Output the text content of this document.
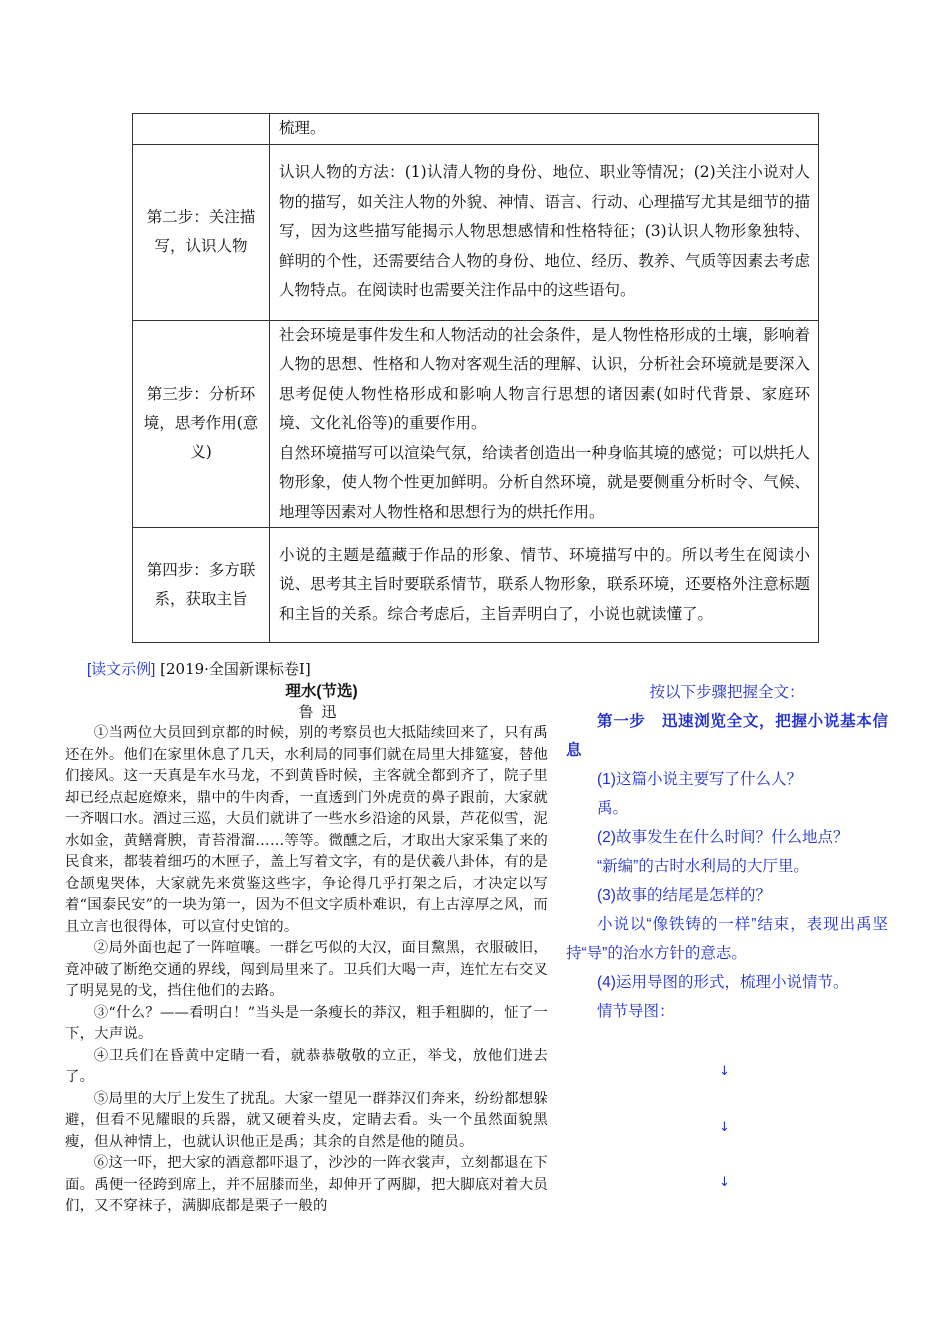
	梳理。

第二步：关注描写，认识人物	认识人物的方法：(1)认清人物的身份、地位、职业等情况；(2)关注小说对人物的描写，如关注人物的外貌、神情、语言、行动、心理描写尤其是细节的描写，因为这些描写能揭示人物思想感情和性格特征；(3)认识人物形象独特、鲜明的个性，还需要结合人物的身份、地位、经历、教养、气质等因素去考虑人物特点。在阅读时也需要关注作品中的这些语句。

第三步：分析环境，思考作用(意义)	社会环境是事件发生和人物活动的社会条件，是人物性格形成的土壤，影响着人物的思想、性格和人物对客观生活的理解、认识，分析社会环境就是要深入思考促使人物性格形成和影响人物言行思想的诸因素(如时代背景、家庭环境、文化礼俗等)的重要作用。

自然环境描写可以渲染气氛，给读者创造出一种身临其境的感觉；可以烘托人物形象，使人物个性更加鲜明。分析自然环境，就是要侧重分析时令、气候、地理等因素对人物性格和思想行为的烘托作用。

第四步：多方联系，获取主旨	小说的主题是蕴藏于作品的形象、情节、环境描写中的。所以考生在阅读小说、思考其主旨时要联系情节，联系人物形象，联系环境，还要格外注意标题和主旨的关系。综合考虑后，主旨弄明白了，小说也就读懂了。

[读文示例] [2019·全国新课标卷Ⅰ]
理水(节选)
鲁迅

①当两位大员回到京都的时候，别的考察员也大抵陆续回来了，只有禹还在外。他们在家里休息了几天，水利局的同事们就在局里大排筵宴，替他们接风。这一天真是车水马龙，不到黄昏时候，主客就全都到齐了，院子里却已经点起庭燎来，鼎中的牛肉香，一直透到门外虎贲的鼻子跟前，大家就一齐咽口水。酒过三巡，大员们就讲了一些水乡沿途的风景，芦花似雪，泥水如金，黄鳝膏腴，青苔滑溜……等等。微醺之后，才取出大家采集了来的民食来，都装着细巧的木匣子，盖上写着文字，有的是伏羲八卦体，有的是仓颉鬼哭体，大家就先来赏鉴这些字，争论得几乎打架之后，才决定以写着“国泰民安”的一块为第一，因为不但文字质朴难识，有上古淳厚之风，而且立言也很得体，可以宣付史馆的。

②局外面也起了一阵喧嚷。一群乞丐似的大汉，面目黧黑，衣服破旧，竟冲破了断绝交通的界线，闯到局里来了。卫兵们大喝一声，连忙左右交叉了明晃晃的戈，挡住他们的去路。

③“什么？——看明白！”当头是一条瘦长的莽汉，粗手粗脚的，怔了一下，大声说。

④卫兵们在昏黄中定睛一看，就恭恭敬敬的立正，举戈，放他们进去了。

⑤局里的大厅上发生了扰乱。大家一望见一群莽汉们奔来，纷纷都想躲避，但看不见耀眼的兵器，就又硬着头皮，定睛去看。头一个虽然面貌黑瘦，但从神情上，也就认识他正是禹；其余的自然是他的随员。

⑥这一吓，把大家的酒意都吓退了，沙沙的一阵衣裳声，立刻都退在下面。禹便一径跨到席上，并不屈膝而坐，却伸开了两脚，把大脚底对着大员们，又不穿袜子，满脚底都是栗子一般的

按以下步骤把握全文：

第一步　迅速浏览全文，把握小说基本信息

(1)这篇小说主要写了什么人？

禹。

(2)故事发生在什么时间？什么地点？

“新编”的古时水利局的大厅里。

(3)故事的结尾是怎样的？

小说以“像铁铸的一样”结束，表现出禹坚持“导”的治水方针的意志。

(4)运用导图的形式，梳理小说情节。

情节导图：

↓
↓
↓
